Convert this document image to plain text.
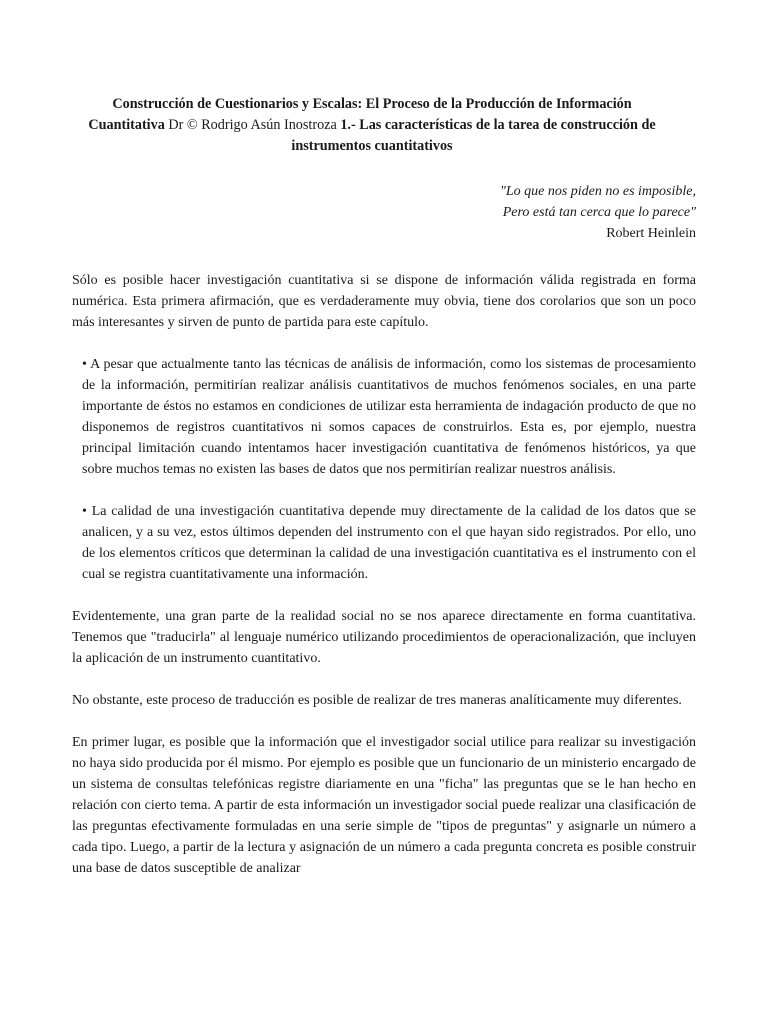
Construcción de Cuestionarios y Escalas: El Proceso de la Producción de Información Cuantitativa Dr © Rodrigo Asún Inostroza 1.- Las características de la tarea de construcción de instrumentos cuantitativos
"Lo que nos piden no es imposible,
Pero está tan cerca que lo parece"
Robert Heinlein

Sólo es posible hacer investigación cuantitativa si se dispone de información válida registrada en forma numérica. Esta primera afirmación, que es verdaderamente muy obvia, tiene dos corolarios que son un poco más interesantes y sirven de punto de partida para este capítulo.

• A pesar que actualmente tanto las técnicas de análisis de información, como los sistemas de procesamiento de la información, permitirían realizar análisis cuantitativos de muchos fenómenos sociales, en una parte importante de éstos no estamos en condiciones de utilizar esta herramienta de indagación producto de que no disponemos de registros cuantitativos ni somos capaces de construirlos. Esta es, por ejemplo, nuestra principal limitación cuando intentamos hacer investigación cuantitativa de fenómenos históricos, ya que sobre muchos temas no existen las bases de datos que nos permitirían realizar nuestros análisis.

• La calidad de una investigación cuantitativa depende muy directamente de la calidad de los datos que se analicen, y a su vez, estos últimos dependen del instrumento con el que hayan sido registrados. Por ello, uno de los elementos críticos que determinan la calidad de una investigación cuantitativa es el instrumento con el cual se registra cuantitativamente una información.

Evidentemente, una gran parte de la realidad social no se nos aparece directamente en forma cuantitativa. Tenemos que "traducirla" al lenguaje numérico utilizando procedimientos de operacionalización, que incluyen la aplicación de un instrumento cuantitativo.

No obstante, este proceso de traducción es posible de realizar de tres maneras analíticamente muy diferentes.

En primer lugar, es posible que la información que el investigador social utilice para realizar su investigación no haya sido producida por él mismo. Por ejemplo es posible que un funcionario de un ministerio encargado de un sistema de consultas telefónicas registre diariamente en una "ficha" las preguntas que se le han hecho en relación con cierto tema. A partir de esta información un investigador social puede realizar una clasificación de las preguntas efectivamente formuladas en una serie simple de "tipos de preguntas" y asignarle un número a cada tipo. Luego, a partir de la lectura y asignación de un número a cada pregunta concreta es posible construir una base de datos susceptible de analizar
